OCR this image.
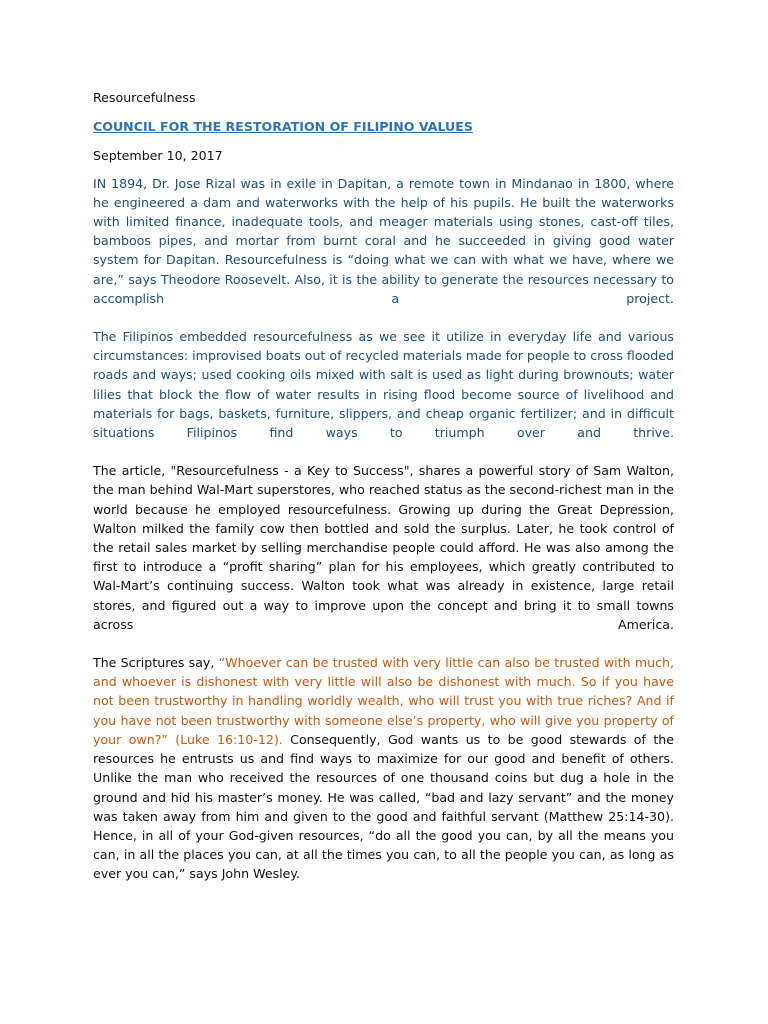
Resourcefulness

COUNCIL FOR THE RESTORATION OF FILIPINO VALUES

September 10, 2017

IN 1894, Dr. Jose Rizal was in exile in Dapitan, a remote town in Mindanao in 1800, where he engineered a dam and waterworks with the help of his pupils. He built the waterworks with limited finance, inadequate tools, and meager materials using stones, cast-off tiles, bamboos pipes, and mortar from burnt coral and he succeeded in giving good water system for Dapitan. Resourcefulness is “doing what we can with what we have, where we are,” says Theodore Roosevelt. Also, it is the ability to generate the resources necessary to accomplish a project.

The Filipinos embedded resourcefulness as we see it utilize in everyday life and various circumstances: improvised boats out of recycled materials made for people to cross flooded roads and ways; used cooking oils mixed with salt is used as light during brownouts; water lilies that block the flow of water results in rising flood become source of livelihood and materials for bags, baskets, furniture, slippers, and cheap organic fertilizer; and in difficult situations Filipinos find ways to triumph over and thrive.

The article, "Resourcefulness - a Key to Success", shares a powerful story of Sam Walton, the man behind Wal-Mart superstores, who reached status as the second-richest man in the world because he employed resourcefulness. Growing up during the Great Depression, Walton milked the family cow then bottled and sold the surplus. Later, he took control of the retail sales market by selling merchandise people could afford. He was also among the first to introduce a “profit sharing” plan for his employees, which greatly contributed to Wal-Mart’s continuing success. Walton took what was already in existence, large retail stores, and figured out a way to improve upon the concept and bring it to small towns across America.

The Scriptures say, “Whoever can be trusted with very little can also be trusted with much, and whoever is dishonest with very little will also be dishonest with much. So if you have not been trustworthy in handling worldly wealth, who will trust you with true riches? And if you have not been trustworthy with someone else’s property, who will give you property of your own?” (Luke 16:10-12). Consequently, God wants us to be good stewards of the resources he entrusts us and find ways to maximize for our good and benefit of others. Unlike the man who received the resources of one thousand coins but dug a hole in the ground and hid his master’s money. He was called, “bad and lazy servant” and the money was taken away from him and given to the good and faithful servant (Matthew 25:14-30). Hence, in all of your God-given resources, “do all the good you can, by all the means you can, in all the places you can, at all the times you can, to all the people you can, as long as ever you can,” says John Wesley.
